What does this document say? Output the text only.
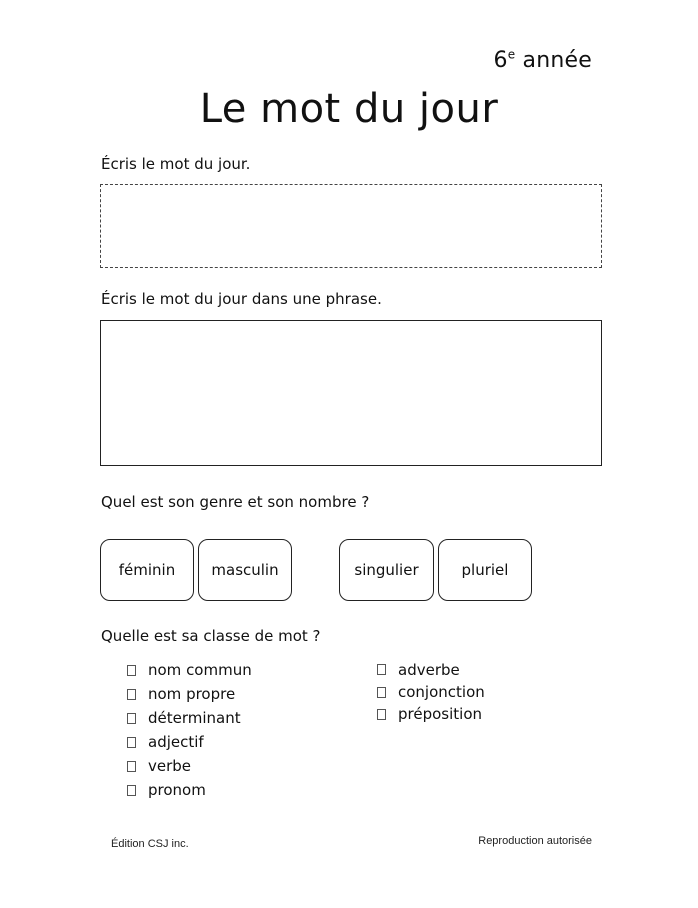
6e année
Le mot du jour
Écris le mot du jour.
Écris le mot du jour dans une phrase.
Quel est son genre et son nombre ?
féminin	masculin	singulier	pluriel
Quelle est sa classe de mot ?
nom commun
nom propre
déterminant
adjectif
verbe
pronom
adverbe
conjonction
préposition
Édition CSJ inc.	Reproduction autorisée
